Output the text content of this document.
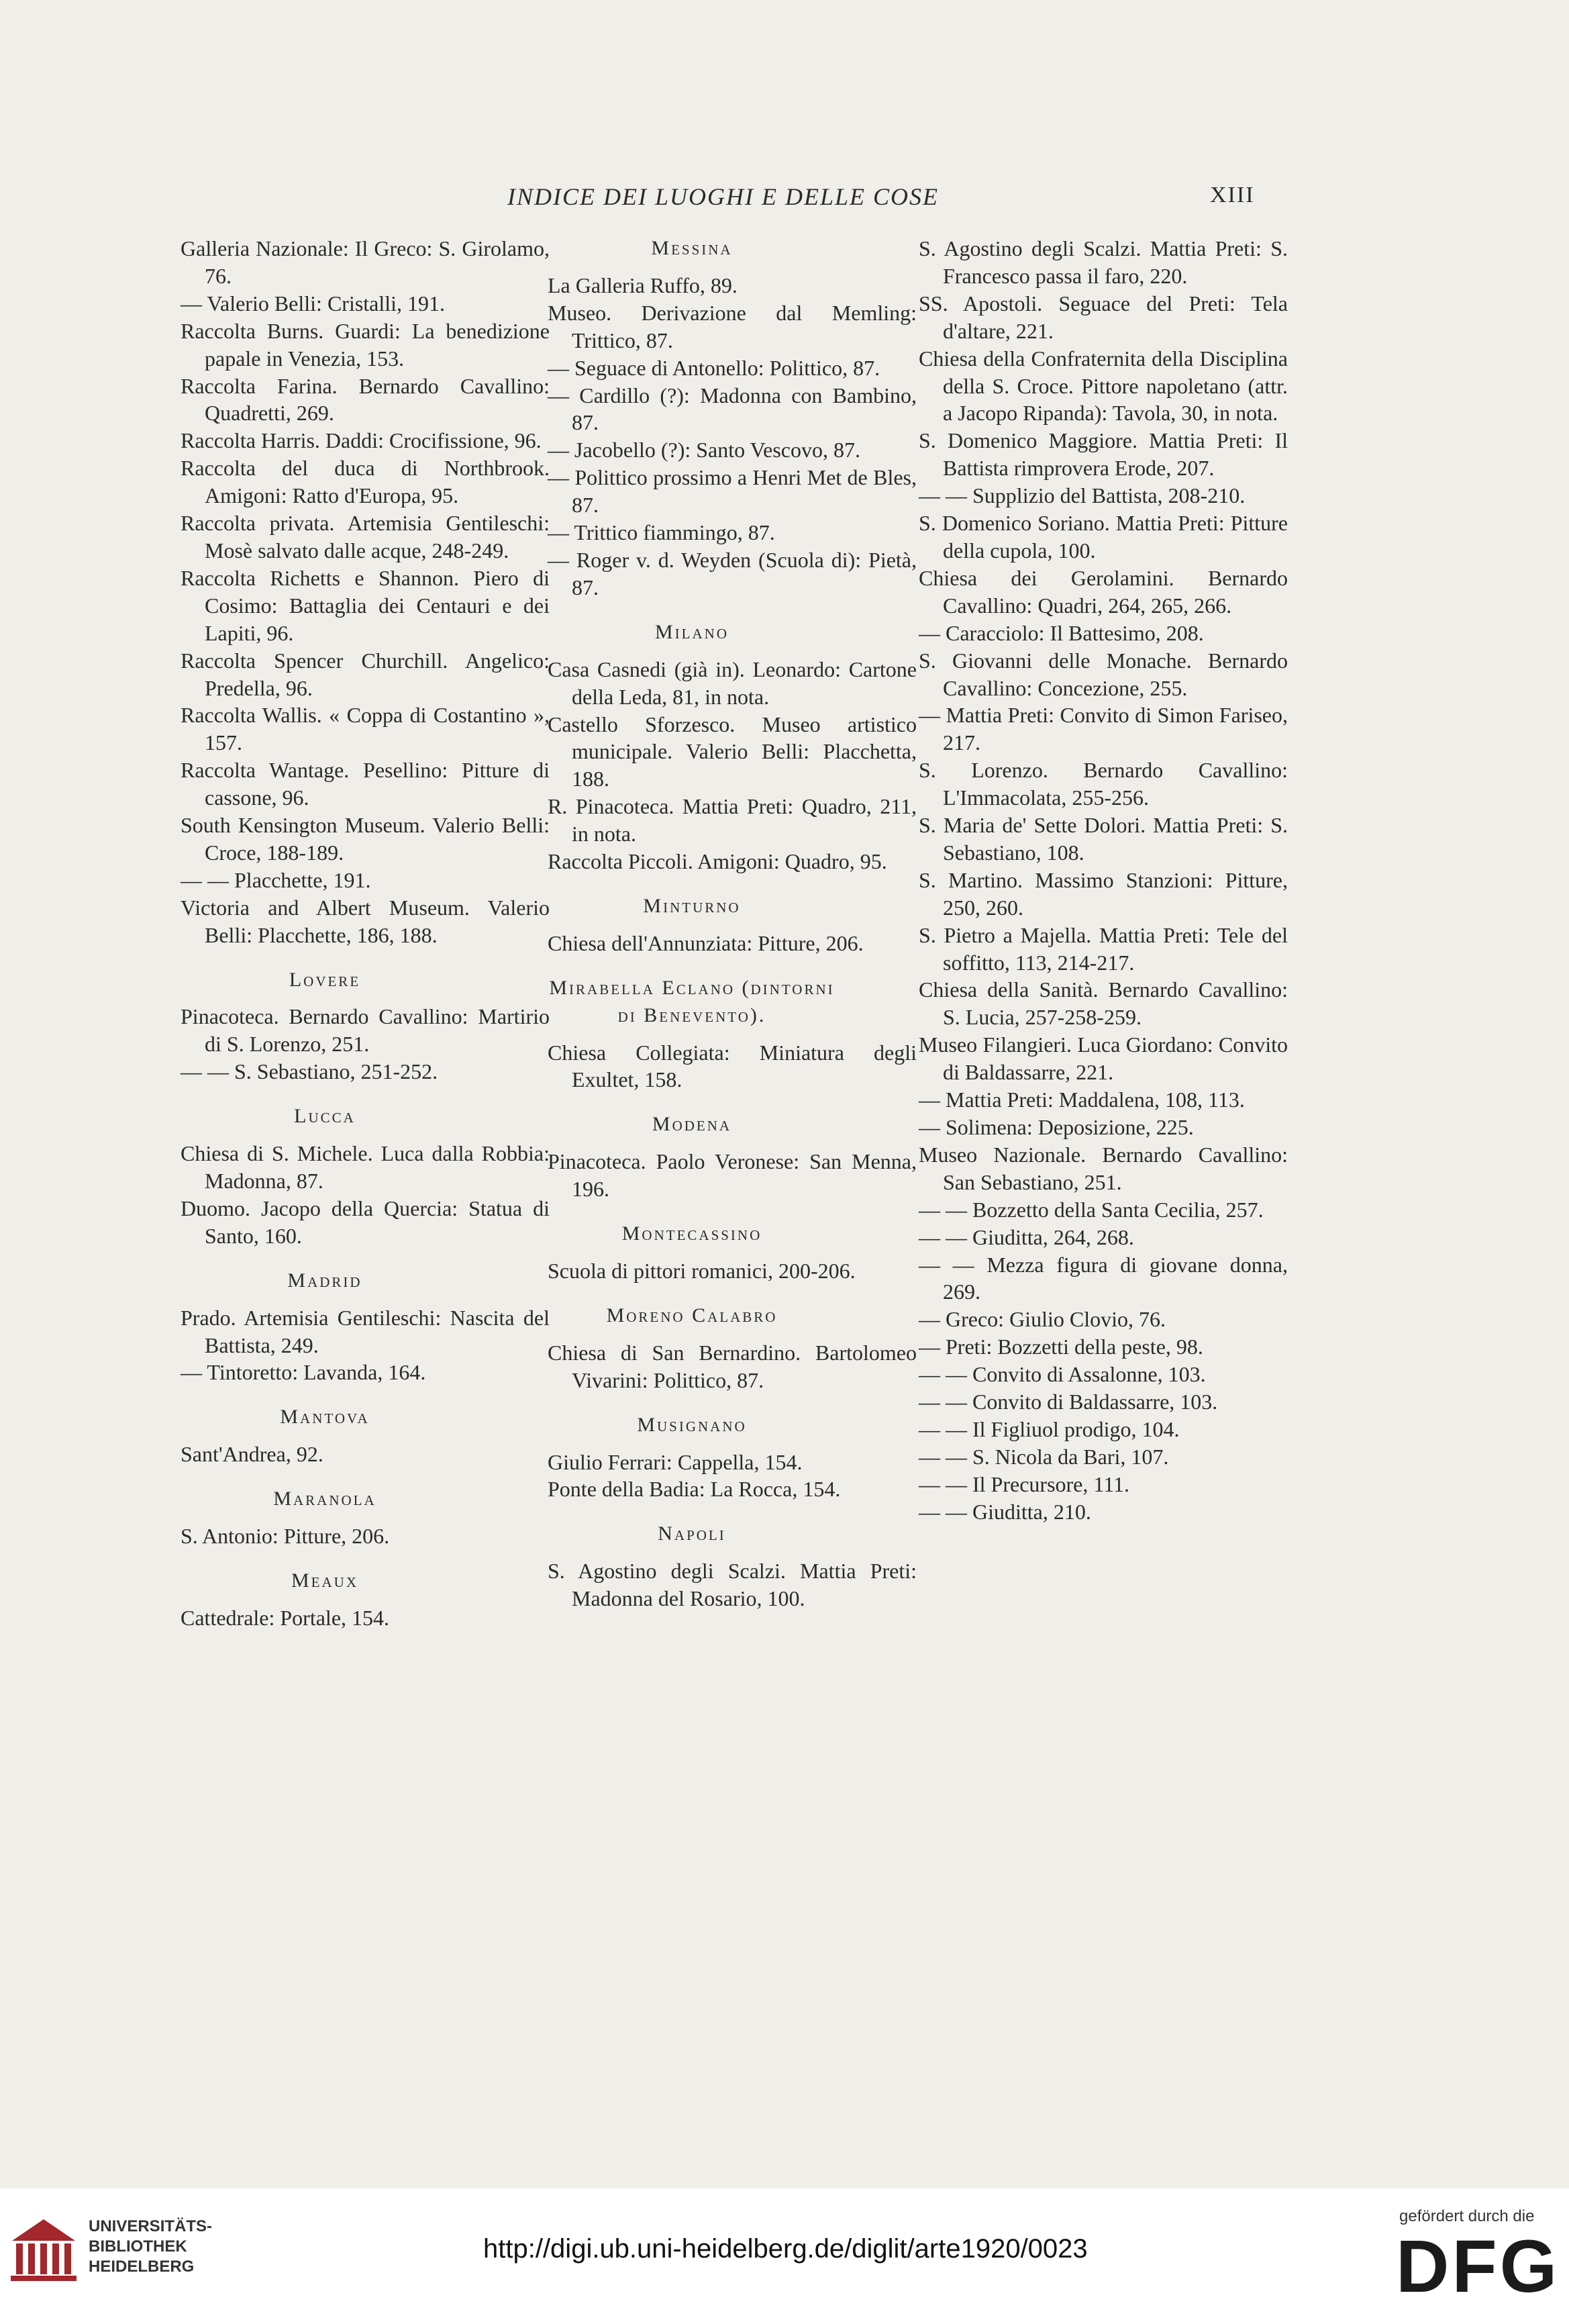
INDICE DEI LUOGHI E DELLE COSE	XIII
Galleria Nazionale: Il Greco: S. Girolamo, 76.
— Valerio Belli: Cristalli, 191.
Raccolta Burns. Guardi: La benedizione papale in Venezia, 153.
Raccolta Farina. Bernardo Cavallino: Quadretti, 269.
Raccolta Harris. Daddi: Crocifissione, 96.
Raccolta del duca di Northbrook. Amigoni: Ratto d'Europa, 95.
Raccolta privata. Artemisia Gentileschi: Mosè salvato dalle acque, 248-249.
Raccolta Richetts e Shannon. Piero di Cosimo: Battaglia dei Centauri e dei Lapiti, 96.
Raccolta Spencer Churchill. Angelico: Predella, 96.
Raccolta Wallis. « Coppa di Costantino », 157.
Raccolta Wantage. Pesellino: Pitture di cassone, 96.
South Kensington Museum. Valerio Belli: Croce, 188-189.
— — Placchette, 191.
Victoria and Albert Museum. Valerio Belli: Placchette, 186, 188.
Lovere
Pinacoteca. Bernardo Cavallino: Martirio di S. Lorenzo, 251.
— — S. Sebastiano, 251-252.
Lucca
Chiesa di S. Michele. Luca dalla Robbia: Madonna, 87.
Duomo. Jacopo della Quercia: Statua di Santo, 160.
Madrid
Prado. Artemisia Gentileschi: Nascita del Battista, 249.
— Tintoretto: Lavanda, 164.
Mantova
Sant'Andrea, 92.
Maranola
S. Antonio: Pitture, 206.
Meaux
Cattedrale: Portale, 154.
Messina
La Galleria Ruffo, 89.
Museo. Derivazione dal Memling: Trittico, 87.
— Seguace di Antonello: Polittico, 87.
— Cardillo (?): Madonna con Bambino, 87.
— Jacobello (?): Santo Vescovo, 87.
— Polittico prossimo a Henri Met de Bles, 87.
— Trittico fiammingo, 87.
— Roger v. d. Weyden (Scuola di): Pietà, 87.
Milano
Casa Casnedi (già in). Leonardo: Cartone della Leda, 81, in nota.
Castello Sforzesco. Museo artistico municipale. Valerio Belli: Placchetta, 188.
R. Pinacoteca. Mattia Preti: Quadro, 211, in nota.
Raccolta Piccoli. Amigoni: Quadro, 95.
Minturno
Chiesa dell'Annunziata: Pitture, 206.
Mirabella Eclano (dintorni di Benevento).
Chiesa Collegiata: Miniatura degli Exultet, 158.
Modena
Pinacoteca. Paolo Veronese: San Menna, 196.
Montecassino
Scuola di pittori romanici, 200-206.
Moreno Calabro
Chiesa di San Bernardino. Bartolomeo Vivarini: Polittico, 87.
Musignano
Giulio Ferrari: Cappella, 154.
Ponte della Badia: La Rocca, 154.
Napoli
S. Agostino degli Scalzi. Mattia Preti: Madonna del Rosario, 100.
S. Agostino degli Scalzi. Mattia Preti: S. Francesco passa il faro, 220.
SS. Apostoli. Seguace del Preti: Tela d'altare, 221.
Chiesa della Confraternita della Disciplina della S. Croce. Pittore napoletano (attr. a Jacopo Ripanda): Tavola, 30, in nota.
S. Domenico Maggiore. Mattia Preti: Il Battista rimprovera Erode, 207.
— — Supplizio del Battista, 208-210.
S. Domenico Soriano. Mattia Preti: Pitture della cupola, 100.
Chiesa dei Gerolamini. Bernardo Cavallino: Quadri, 264, 265, 266.
— Caracciolo: Il Battesimo, 208.
S. Giovanni delle Monache. Bernardo Cavallino: Concezione, 255.
— Mattia Preti: Convito di Simon Fariseo, 217.
S. Lorenzo. Bernardo Cavallino: L'Immacolata, 255-256.
S. Maria de' Sette Dolori. Mattia Preti: S. Sebastiano, 108.
S. Martino. Massimo Stanzioni: Pitture, 250, 260.
S. Pietro a Majella. Mattia Preti: Tele del soffitto, 113, 214-217.
Chiesa della Sanità. Bernardo Cavallino: S. Lucia, 257-258-259.
Museo Filangieri. Luca Giordano: Convito di Baldassarre, 221.
— Mattia Preti: Maddalena, 108, 113.
— Solimena: Deposizione, 225.
Museo Nazionale. Bernardo Cavallino: San Sebastiano, 251.
— — Bozzetto della Santa Cecilia, 257.
— — Giuditta, 264, 268.
— — Mezza figura di giovane donna, 269.
— Greco: Giulio Clovio, 76.
— Preti: Bozzetti della peste, 98.
— — Convito di Assalonne, 103.
— — Convito di Baldassarre, 103.
— — Il Figliuol prodigo, 104.
— — S. Nicola da Bari, 107.
— — Il Precursore, 111.
— — Giuditta, 210.
UNIVERSITÄTS-
BIBLIOTHEK
HEIDELBERG
http://digi.ub.uni-heidelberg.de/diglit/arte1920/0023
gefördert durch die
DFG
